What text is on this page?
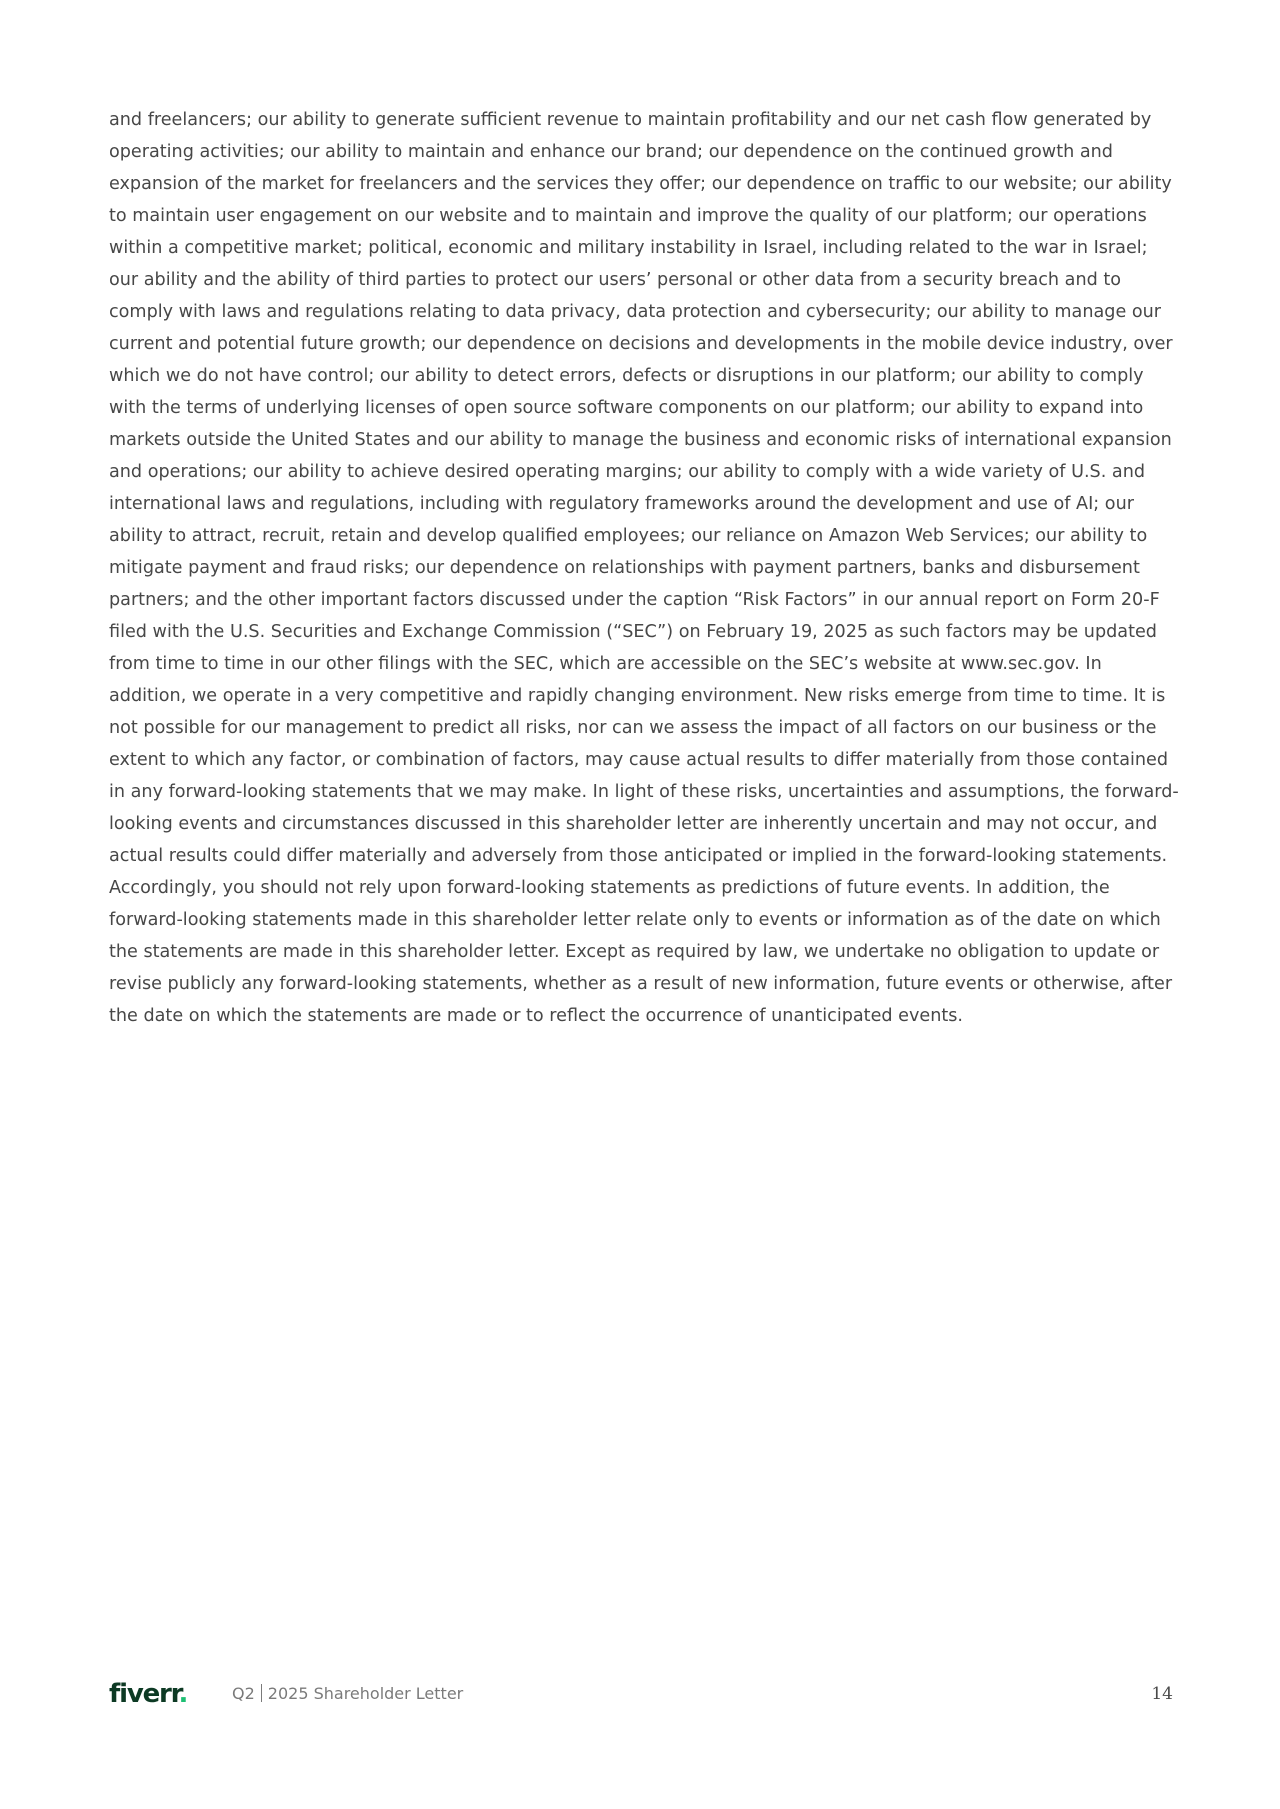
and freelancers; our ability to generate sufficient revenue to maintain profitability and our net cash flow generated by operating activities; our ability to maintain and enhance our brand; our dependence on the continued growth and expansion of the market for freelancers and the services they offer; our dependence on traffic to our website; our ability to maintain user engagement on our website and to maintain and improve the quality of our platform; our operations within a competitive market; political, economic and military instability in Israel, including related to the war in Israel; our ability and the ability of third parties to protect our users’ personal or other data from a security breach and to comply with laws and regulations relating to data privacy, data protection and cybersecurity; our ability to manage our current and potential future growth; our dependence on decisions and developments in the mobile device industry, over which we do not have control; our ability to detect errors, defects or disruptions in our platform; our ability to comply with the terms of underlying licenses of open source software components on our platform; our ability to expand into markets outside the United States and our ability to manage the business and economic risks of international expansion and operations; our ability to achieve desired operating margins; our ability to comply with a wide variety of U.S. and international laws and regulations, including with regulatory frameworks around the development and use of AI; our ability to attract, recruit, retain and develop qualified employees; our reliance on Amazon Web Services; our ability to mitigate payment and fraud risks; our dependence on relationships with payment partners, banks and disbursement partners; and the other important factors discussed under the caption “Risk Factors” in our annual report on Form 20-F filed with the U.S. Securities and Exchange Commission (“SEC”) on February 19, 2025 as such factors may be updated from time to time in our other filings with the SEC, which are accessible on the SEC’s website at www.sec.gov. In addition, we operate in a very competitive and rapidly changing environment. New risks emerge from time to time. It is not possible for our management to predict all risks, nor can we assess the impact of all factors on our business or the extent to which any factor, or combination of factors, may cause actual results to differ materially from those contained in any forward-looking statements that we may make. In light of these risks, uncertainties and assumptions, the forward-looking events and circumstances discussed in this shareholder letter are inherently uncertain and may not occur, and actual results could differ materially and adversely from those anticipated or implied in the forward-looking statements. Accordingly, you should not rely upon forward-looking statements as predictions of future events. In addition, the forward-looking statements made in this shareholder letter relate only to events or information as of the date on which the statements are made in this shareholder letter. Except as required by law, we undertake no obligation to update or revise publicly any forward-looking statements, whether as a result of new information, future events or otherwise, after the date on which the statements are made or to reflect the occurrence of unanticipated events.

fiverr.	Q2 2025 Shareholder Letter	14
